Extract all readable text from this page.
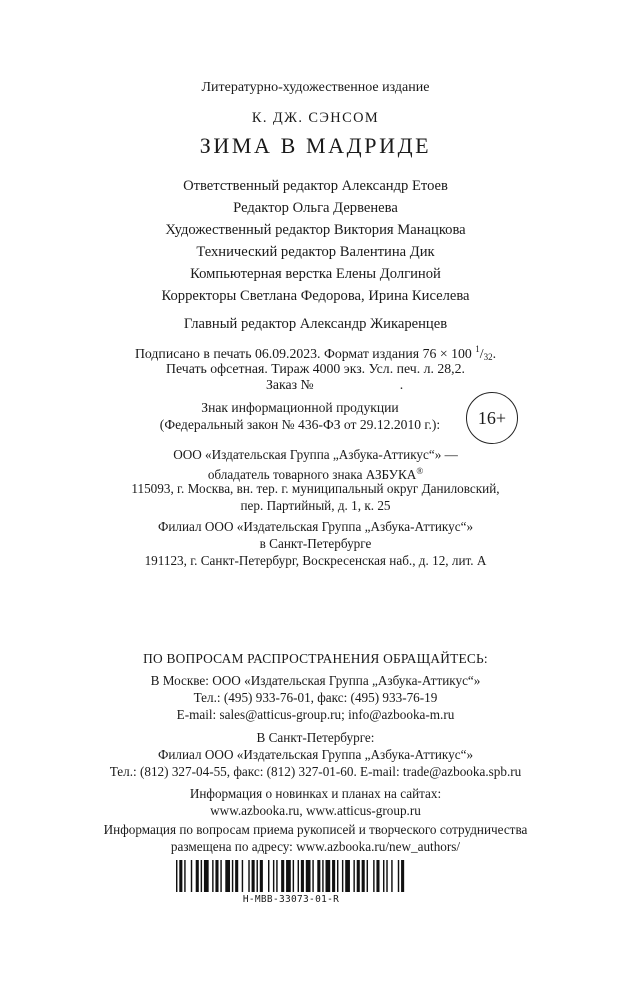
Литературно-художественное издание
К. ДЖ. СЭНСОМ
ЗИМА В МАДРИДЕ
Ответственный редактор Александр Етоев
Редактор Ольга Дервенева
Художественный редактор Виктория Манацкова
Технический редактор Валентина Дик
Компьютерная верстка Елены Долгиной
Корректоры Светлана Федорова, Ирина Киселева
Главный редактор Александр Жикаренцев
Подписано в печать 06.09.2023. Формат издания 76 × 100 $^1$/32.
Печать офсетная. Тираж 4000 экз. Усл. печ. л. 28,2.
Заказ №	.
Знак информационной продукции
(Федеральный закон № 436-ФЗ от 29.12.2010 г.):	16+
ООО «Издательская Группа „Азбука-Аттикус“» —
обладатель товарного знака АЗБУКА®
115093, г. Москва, вн. тер. г. муниципальный округ Даниловский,
пер. Партийный, д. 1, к. 25
Филиал ООО «Издательская Группа „Азбука-Аттикус“»
в Санкт-Петербурге
191123, г. Санкт-Петербург, Воскресенская наб., д. 12, лит. А
ПО ВОПРОСАМ РАСПРОСТРАНЕНИЯ ОБРАЩАЙТЕСЬ:
В Москве: ООО «Издательская Группа „Азбука-Аттикус“»
Тел.: (495) 933-76-01, факс: (495) 933-76-19
E-mail: sales@atticus-group.ru; info@azbooka-m.ru
В Санкт-Петербурге:
Филиал ООО «Издательская Группа „Азбука-Аттикус“»
Тел.: (812) 327-04-55, факс: (812) 327-01-60. E-mail: trade@azbooka.spb.ru
Информация о новинках и планах на сайтах:
www.azbooka.ru, www.atticus-group.ru
Информация по вопросам приема рукописей и творческого сотрудничества
размещена по адресу: www.azbooka.ru/new_authors/
Н-МВВ-33073-01-R
